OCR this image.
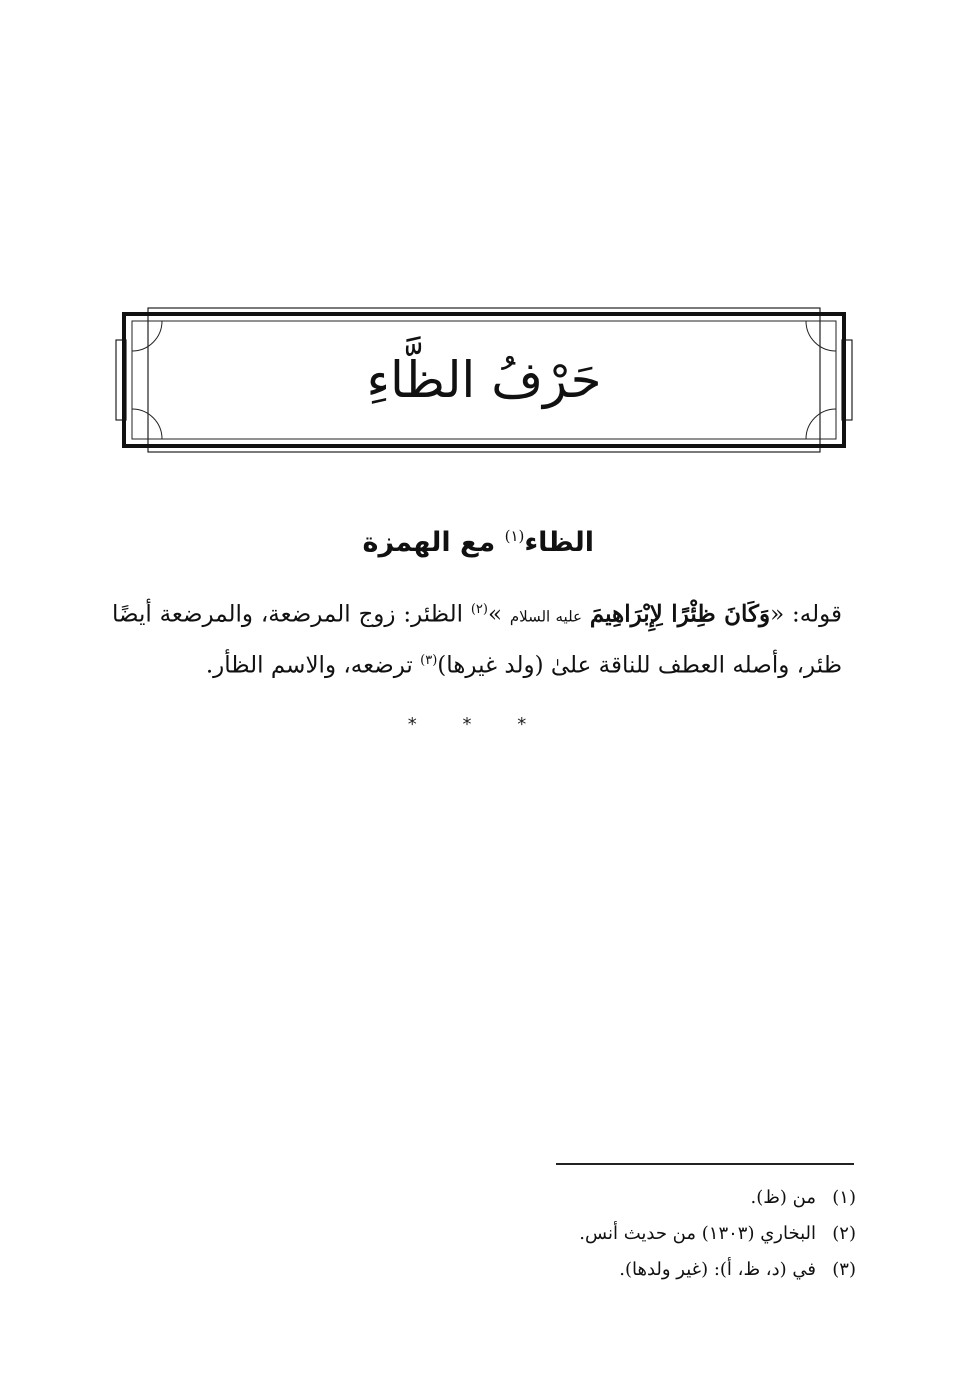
حَرْفُ الظَّاءِ
الظاء$^{(١)}$ مع الهمزة
قوله: «وَكَانَ ظِئْرًا لِإِبْرَاهِيمَ عليه السلام »$^{(٢)}$ الظئر: زوج المرضعة، والمرضعة أيضًا ظئر، وأصله العطف للناقة علىٰ (ولد غيرها)$^{(٣)}$ ترضعه، والاسم الظأر.
* * *
(١)من (ظ).
(٢)البخاري (١٣٠٣) من حديث أنس.
(٣)في (د، ظ، أ): (غير ولدها).
